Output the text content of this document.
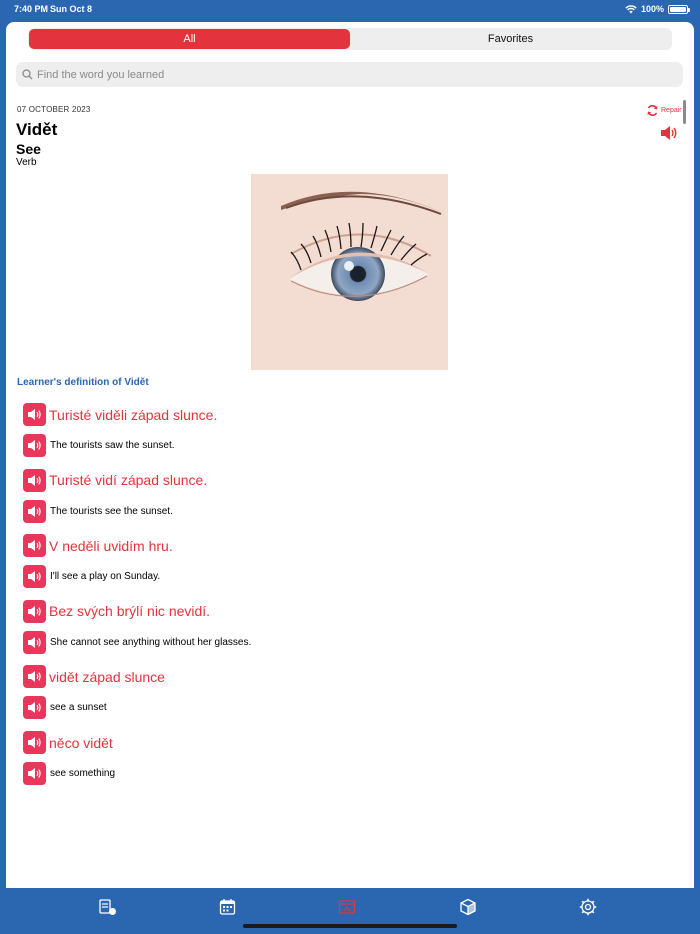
7:40 PM Sun Oct 8	100%
All	Favorites
Find the word you learned
07 OCTOBER 2023
Vidět
See
Verb
Repair
Learner's definition of Vidět
Turisté viděli západ slunce.
The tourists saw the sunset.
Turisté vidí západ slunce.
The tourists see the sunset.
V neděli uvidím hru.
I'll see a play on Sunday.
Bez svých brýlí nic nevidí.
She cannot see anything without her glasses.
vidět západ slunce
see a sunset
něco vidět
see something
